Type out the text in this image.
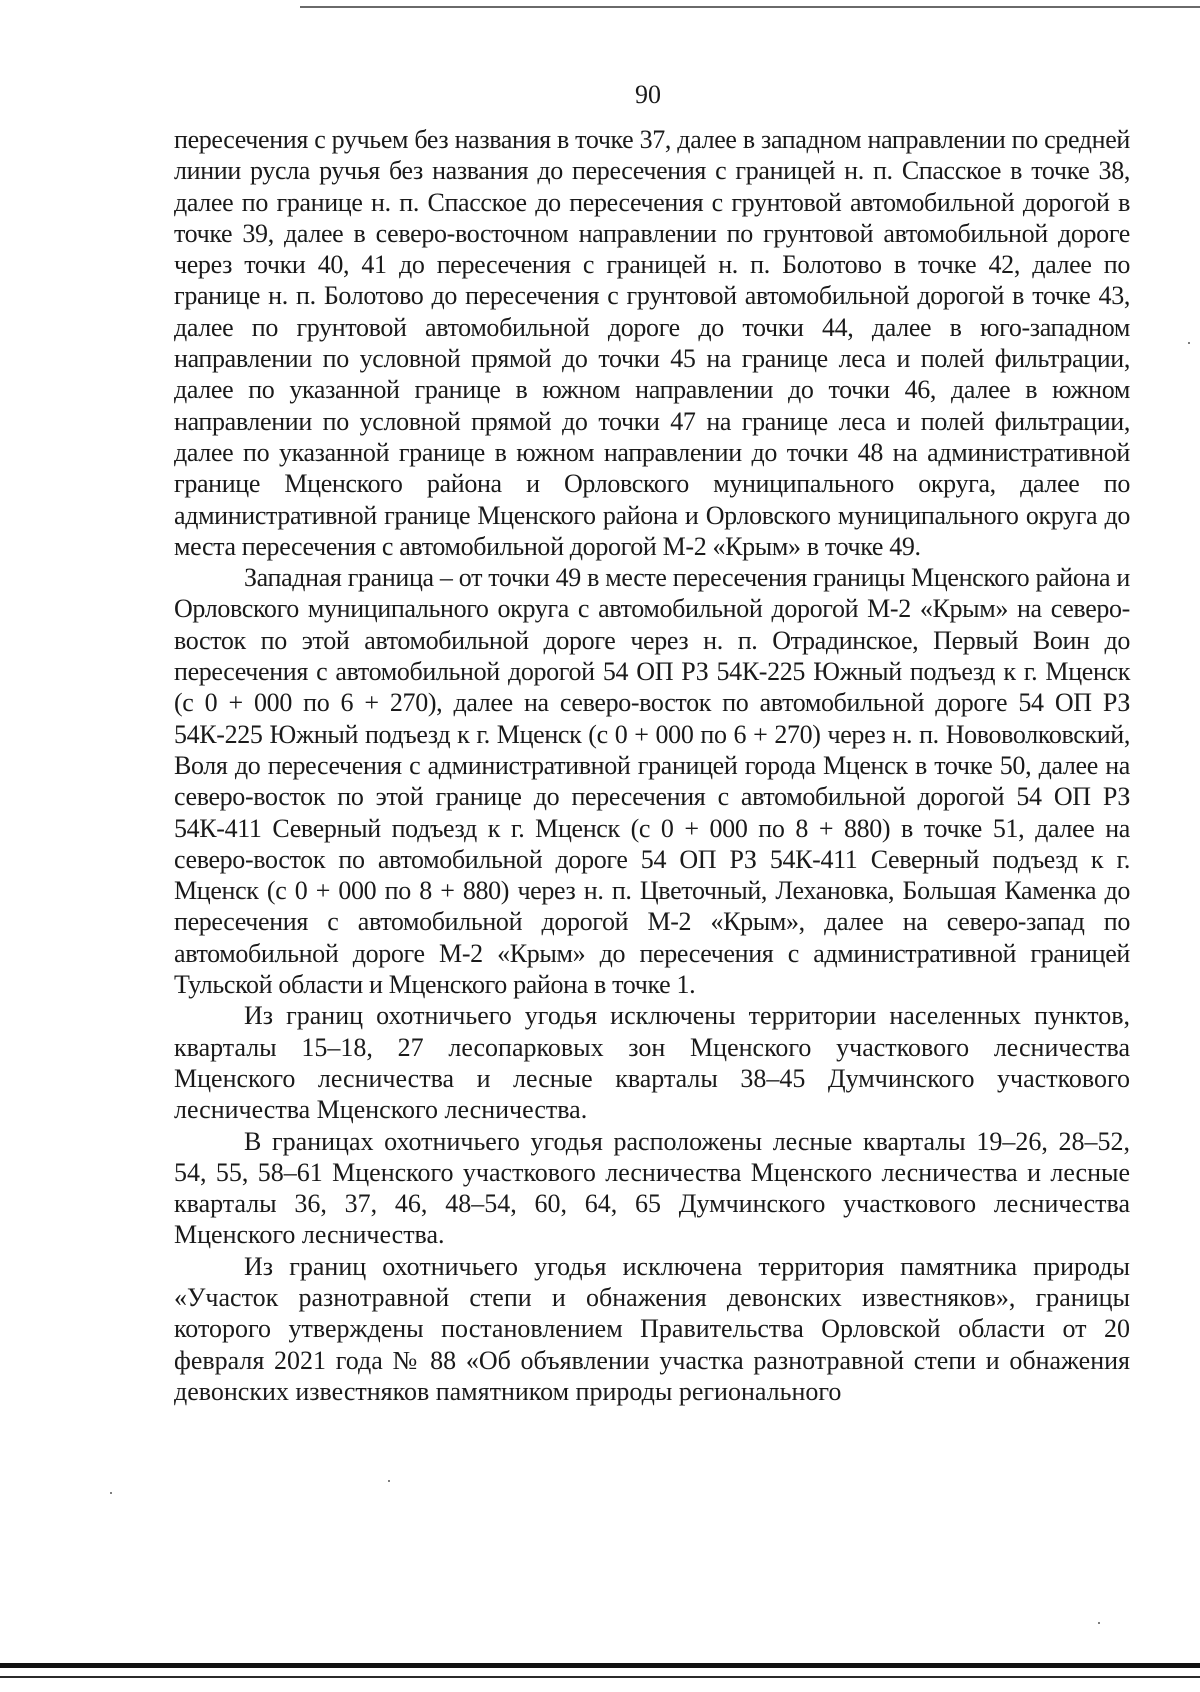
90

пересечения с ручьем без названия в точке 37, далее в западном направлении по средней линии русла ручья без названия до пересечения с границей н. п. Спасское в точке 38, далее по границе н. п. Спасское до пересечения с грунтовой автомобильной дорогой в точке 39, далее в северо-восточном направлении по грунтовой автомобильной дороге через точки 40, 41 до пересечения с границей н. п. Болотово в точке 42, далее по границе н. п. Болотово до пересечения с грунтовой автомобильной дорогой в точке 43, далее по грунтовой автомобильной дороге до точки 44, далее в юго-западном направлении по условной прямой до точки 45 на границе леса и полей фильтрации, далее по указанной границе в южном направлении до точки 46, далее в южном направлении по условной прямой до точки 47 на границе леса и полей фильтрации, далее по указанной границе в южном направлении до точки 48 на административной границе Мценского района и Орловского муниципального округа, далее по административной границе Мценского района и Орловского муниципального округа до места пересечения с автомобильной дорогой М-2 «Крым» в точке 49.

Западная граница – от точки 49 в месте пересечения границы Мценского района и Орловского муниципального округа с автомобильной дорогой М-2 «Крым» на северо-восток по этой автомобильной дороге через н. п. Отрадинское, Первый Воин до пересечения с автомобильной дорогой 54 ОП РЗ 54К-225 Южный подъезд к г. Мценск (с 0 + 000 по 6 + 270), далее на северо-восток по автомобильной дороге 54 ОП РЗ 54К-225 Южный подъезд к г. Мценск (с 0 + 000 по 6 + 270) через н. п. Нововолковский, Воля до пересечения с административной границей города Мценск в точке 50, далее на северо-восток по этой границе до пересечения с автомобильной дорогой 54 ОП РЗ 54К-411 Северный подъезд к г. Мценск (с 0 + 000 по 8 + 880) в точке 51, далее на северо-восток по автомобильной дороге 54 ОП РЗ 54К-411 Северный подъезд к г. Мценск (с 0 + 000 по 8 + 880) через н. п. Цветочный, Лехановка, Большая Каменка до пересечения с автомобильной дорогой М-2 «Крым», далее на северо-запад по автомобильной дороге М-2 «Крым» до пересечения с административной границей Тульской области и Мценского района в точке 1.

Из границ охотничьего угодья исключены территории населенных пунктов, кварталы 15–18, 27 лесопарковых зон Мценского участкового лесничества Мценского лесничества и лесные кварталы 38–45 Думчинского участкового лесничества Мценского лесничества.

В границах охотничьего угодья расположены лесные кварталы 19–26, 28–52, 54, 55, 58–61 Мценского участкового лесничества Мценского лесничества и лесные кварталы 36, 37, 46, 48–54, 60, 64, 65 Думчинского участкового лесничества Мценского лесничества.

Из границ охотничьего угодья исключена территория памятника природы «Участок разнотравной степи и обнажения девонских известняков», границы которого утверждены постановлением Правительства Орловской области от 20 февраля 2021 года № 88 «Об объявлении участка разнотравной степи и обнажения девонских известняков памятником природы регионального
